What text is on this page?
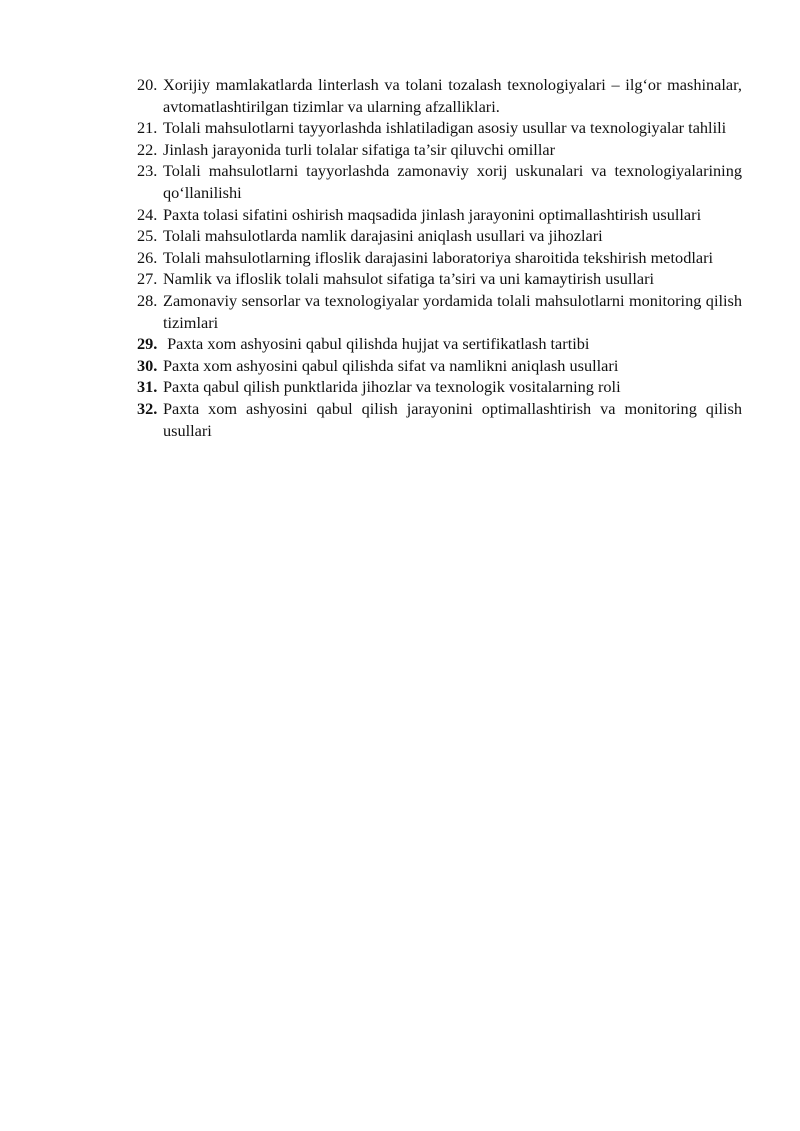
20. Xorijiy mamlakatlarda linterlash va tolani tozalash texnologiyalari – ilg‘or mashinalar, avtomatlashtirilgan tizimlar va ularning afzalliklari.
21. Tolali mahsulotlarni tayyorlashda ishlatiladigan asosiy usullar va texnologiyalar tahlili
22. Jinlash jarayonida turli tolalar sifatiga ta’sir qiluvchi omillar
23. Tolali mahsulotlarni tayyorlashda zamonaviy xorij uskunalari va texnologiyalarining qo‘llanilishi
24. Paxta tolasi sifatini oshirish maqsadida jinlash jarayonini optimallashtirish usullari
25. Tolali mahsulotlarda namlik darajasini aniqlash usullari va jihozlari
26. Tolali mahsulotlarning ifloslik darajasini laboratoriya sharoitida tekshirish metodlari
27. Namlik va ifloslik tolali mahsulot sifatiga ta’siri va uni kamaytirish usullari
28. Zamonaviy sensorlar va texnologiyalar yordamida tolali mahsulotlarni monitoring qilish tizimlari
29. Paxta xom ashyosini qabul qilishda hujjat va sertifikatlash tartibi
30. Paxta xom ashyosini qabul qilishda sifat va namlikni aniqlash usullari
31. Paxta qabul qilish punktlarida jihozlar va texnologik vositalarning roli
32. Paxta xom ashyosini qabul qilish jarayonini optimallashtirish va monitoring qilish usullari
